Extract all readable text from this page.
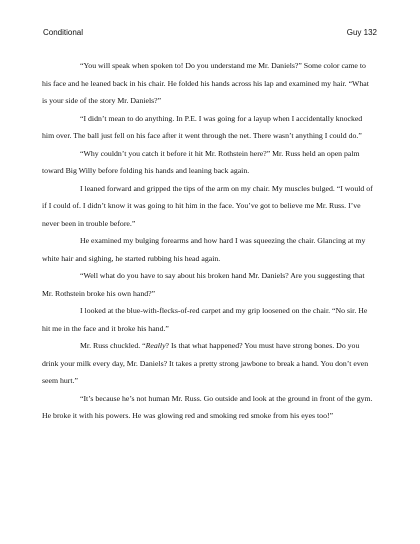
Conditional	Guy 132

“You will speak when spoken to! Do you understand me Mr. Daniels?” Some color came to his face and he leaned back in his chair. He folded his hands across his lap and examined my hair. “What is your side of the story Mr. Daniels?”

“I didn’t mean to do anything. In P.E. I was going for a layup when I accidentally knocked him over. The ball just fell on his face after it went through the net. There wasn’t anything I could do.”

“Why couldn’t you catch it before it hit Mr. Rothstein here?” Mr. Russ held an open palm toward Big Willy before folding his hands and leaning back again.

I leaned forward and gripped the tips of the arm on my chair. My muscles bulged. “I would of if I could of. I didn’t know it was going to hit him in the face. You’ve got to believe me Mr. Russ. I’ve never been in trouble before.”

He examined my bulging forearms and how hard I was squeezing the chair. Glancing at my white hair and sighing, he started rubbing his head again.

“Well what do you have to say about his broken hand Mr. Daniels? Are you suggesting that Mr. Rothstein broke his own hand?”

I looked at the blue-with-flecks-of-red carpet and my grip loosened on the chair. “No sir. He hit me in the face and it broke his hand.”

Mr. Russ chuckled. “Really? Is that what happened? You must have strong bones. Do you drink your milk every day, Mr. Daniels? It takes a pretty strong jawbone to break a hand. You don’t even seem hurt.”

“It’s because he’s not human Mr. Russ. Go outside and look at the ground in front of the gym. He broke it with his powers. He was glowing red and smoking red smoke from his eyes too!”
